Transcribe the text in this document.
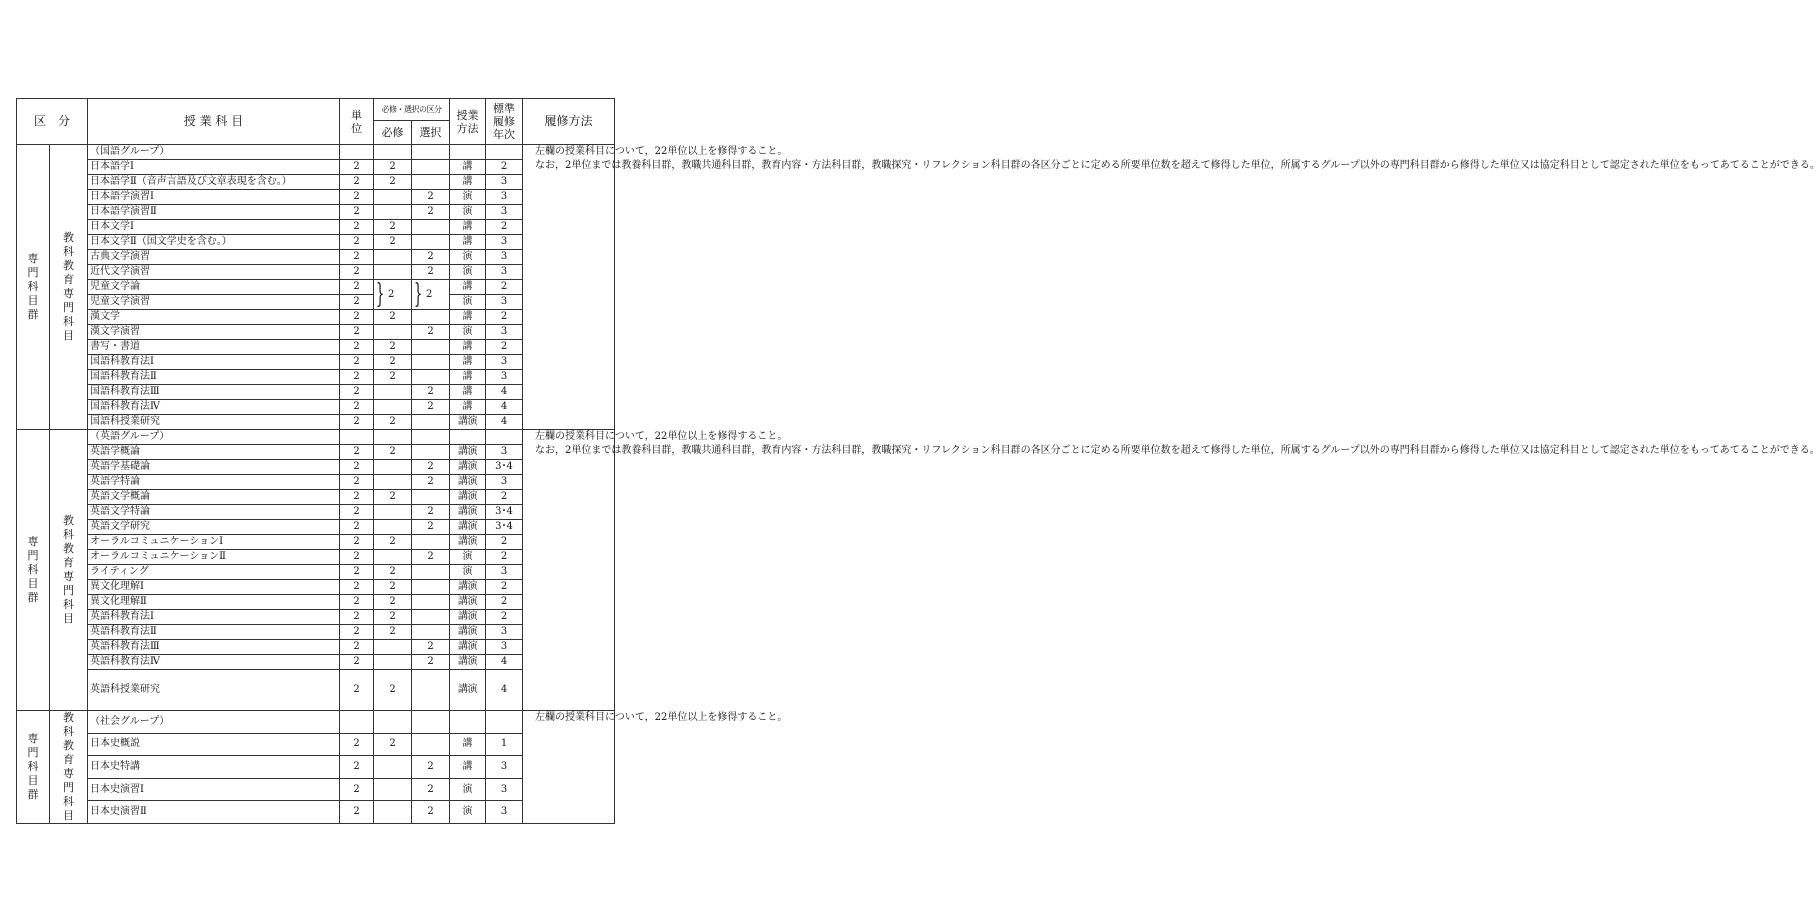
区　分		授 業 科 目	単位	必修・選択の区分		授業方法	標準履修年次	履修方法
				必修	選択			
専門科目群	教科教育専門科目	（国語グループ）						左欄の授業科目について，22単位以上を修得すること。

なお，2単位までは教養科目群，教職共通科目群，教育内容・方法科目群，教職探究・リフレクション科目群の各区分ごとに定める所要単位数を超えて修得した単位，所属するグループ以外の専門科目群から修得した単位又は協定科目として認定された単位をもってあてることができる。

		日本語学Ⅰ	2	2		講	2	
		日本語学Ⅱ（音声言語及び文章表現を含む。）	2	2		講	3	
		日本語学演習Ⅰ	2		2	演	3	
		日本語学演習Ⅱ	2		2	演	3	
		日本文学Ⅰ	2	2		講	2	
		日本文学Ⅱ（国文学史を含む。）	2	2		講	3	
		古典文学演習	2		2	演	3	
		近代文学演習	2		2	演	3	
		児童文学論	2	} 2	} 2	講	2	
		児童文学演習	2			演	3	
		漢文学	2	2		講	2	
		漢文学演習	2		2	演	3	
		書写・書道	2	2		講	2	
		国語科教育法Ⅰ	2	2		講	3	
		国語科教育法Ⅱ	2	2		講	3	
		国語科教育法Ⅲ	2		2	講	4	
		国語科教育法Ⅳ	2		2	講	4	
		国語科授業研究	2	2		講演	4	
専門科目群	教科教育専門科目	（英語グループ）						左欄の授業科目について，22単位以上を修得すること。

なお，2単位までは教養科目群，教職共通科目群，教育内容・方法科目群，教職探究・リフレクション科目群の各区分ごとに定める所要単位数を超えて修得した単位，所属するグループ以外の専門科目群から修得した単位又は協定科目として認定された単位をもってあてることができる。

		英語学概論	2	2		講演	3	
		英語学基礎論	2		2	講演	3･4	
		英語学特論	2		2	講演	3	
		英語文学概論	2	2		講演	2	
		英語文学特論	2		2	講演	3･4	
		英語文学研究	2		2	講演	3･4	
		オーラルコミュニケーションⅠ	2	2		講演	2	
		オーラルコミュニケーションⅡ	2		2	演	2	
		ライティング	2	2		演	3	
		異文化理解Ⅰ	2	2		講演	2	
		異文化理解Ⅱ	2	2		講演	2	
		英語科教育法Ⅰ	2	2		講演	2	
		英語科教育法Ⅱ	2	2		講演	3	
		英語科教育法Ⅲ	2		2	講演	3	
		英語科教育法Ⅳ	2		2	講演	4	
		英語科授業研究	2	2		講演	4	
専門科目群	教科教育専門科目	（社会グループ）						左欄の授業科目について，22単位以上を修得すること。

		日本史概説	2	2		講	1	
		日本史特講	2		2	講	3	
		日本史演習Ⅰ	2		2	演	3	
		日本史演習Ⅱ	2		2	演	3	
